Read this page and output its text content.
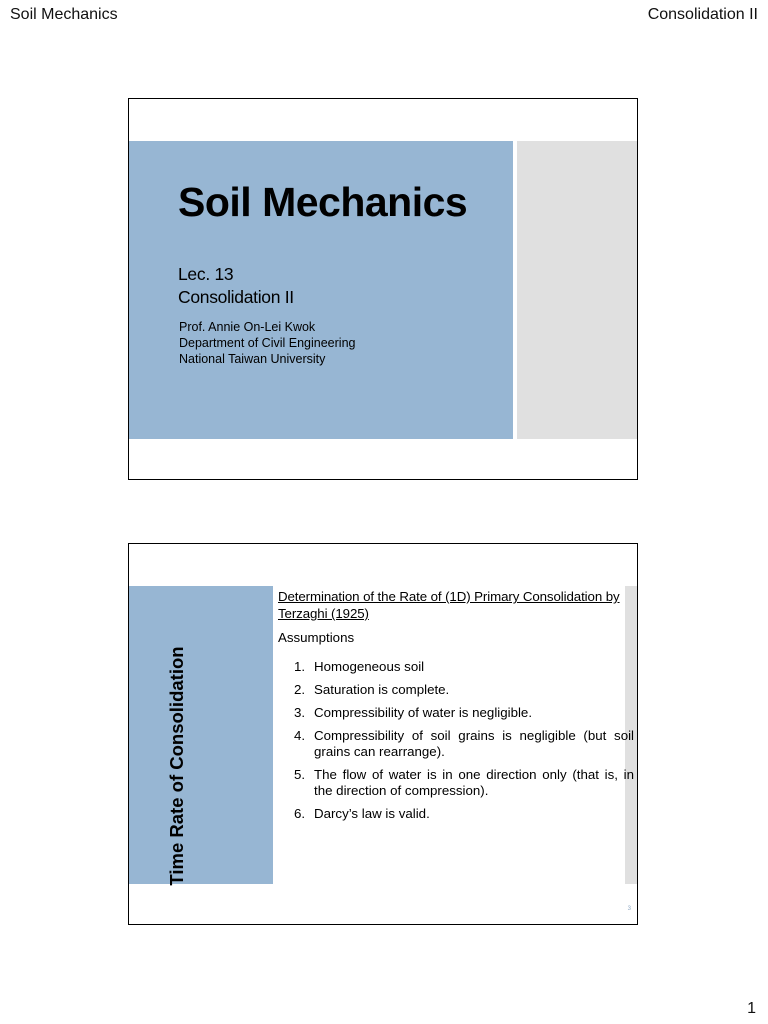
Soil Mechanics	Consolidation II
Soil Mechanics
Lec. 13
Consolidation II
Prof. Annie On-Lei Kwok
Department of Civil Engineering
National Taiwan University
Time Rate of Consolidation
Determination of the Rate of (1D) Primary Consolidation by Terzaghi (1925)
Assumptions
1. Homogeneous soil
2. Saturation is complete.
3. Compressibility of water is negligible.
4. Compressibility of soil grains is negligible (but soil grains can rearrange).
5. The flow of water is in one direction only (that is, in the direction of compression).
6. Darcy’s law is valid.
3
1
